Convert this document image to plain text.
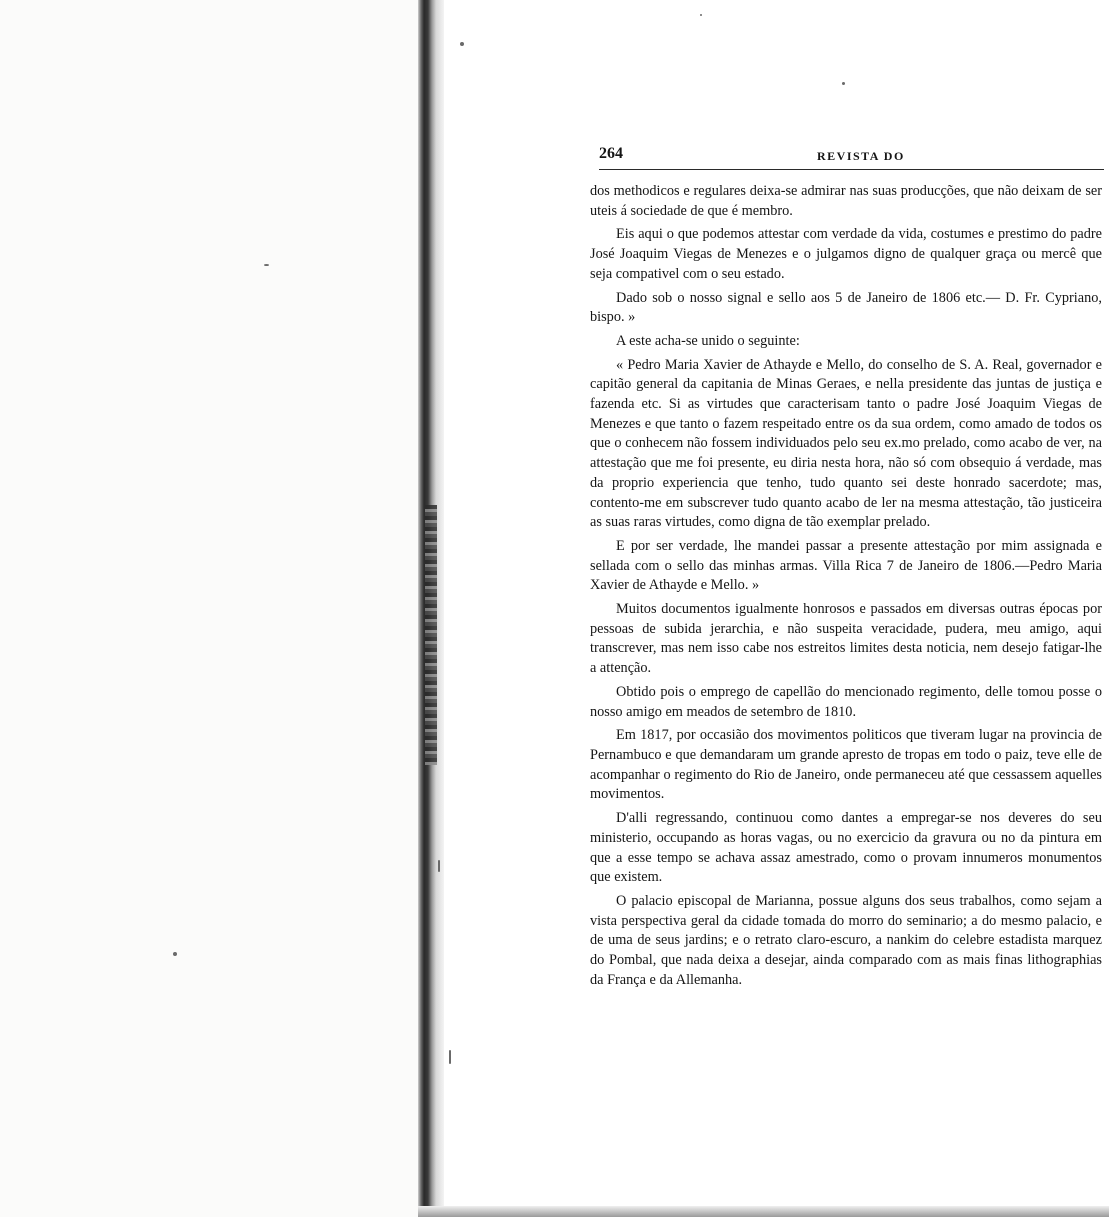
264	REVISTA DO

dos methodicos e regulares deixa-se admirar nas suas producções, que não deixam de ser uteis á sociedade de que é membro.

Eis aqui o que podemos attestar com verdade da vida, costumes e prestimo do padre José Joaquim Viegas de Menezes e o julgamos digno de qualquer graça ou mercê que seja compativel com o seu estado.

Dado sob o nosso signal e sello aos 5 de Janeiro de 1806 etc.— D. Fr. Cypriano, bispo. »

A este acha-se unido o seguinte:

« Pedro Maria Xavier de Athayde e Mello, do conselho de S. A. Real, governador e capitão general da capitania de Minas Geraes, e nella presidente das juntas de justiça e fazenda etc. Si as virtudes que caracterisam tanto o padre José Joaquim Viegas de Menezes e que tanto o fazem respeitado entre os da sua ordem, como amado de todos os que o conhecem não fossem individuados pelo seu ex.mo prelado, como acabo de ver, na attestação que me foi presente, eu diria nesta hora, não só com obsequio á verdade, mas da proprio experiencia que tenho, tudo quanto sei deste honrado sacerdote; mas, contento-me em subscrever tudo quanto acabo de ler na mesma attestação, tão justiceira as suas raras virtudes, como digna de tão exemplar prelado.

E por ser verdade, lhe mandei passar a presente attestação por mim assignada e sellada com o sello das minhas armas. Villa Rica 7 de Janeiro de 1806.—Pedro Maria Xavier de Athayde e Mello. »

Muitos documentos igualmente honrosos e passados em diversas outras épocas por pessoas de subida jerarchia, e não suspeita veracidade, pudera, meu amigo, aqui transcrever, mas nem isso cabe nos estreitos limites desta noticia, nem desejo fatigar-lhe a attenção.

Obtido pois o emprego de capellão do mencionado regimento, delle tomou posse o nosso amigo em meados de setembro de 1810.

Em 1817, por occasião dos movimentos politicos que tiveram lugar na provincia de Pernambuco e que demandaram um grande apresto de tropas em todo o paiz, teve elle de acompanhar o regimento do Rio de Janeiro, onde permaneceu até que cessassem aquelles movimentos.

D'alli regressando, continuou como dantes a empregar-se nos deveres do seu ministerio, occupando as horas vagas, ou no exercicio da gravura ou no da pintura em que a esse tempo se achava assaz amestrado, como o provam innumeros monumentos que existem.

O palacio episcopal de Marianna, possue alguns dos seus trabalhos, como sejam a vista perspectiva geral da cidade tomada do morro do seminario; a do mesmo palacio, e de uma de seus jardins; e o retrato claro-escuro, a nankim do celebre estadista marquez do Pombal, que nada deixa a desejar, ainda comparado com as mais finas lithographias da França e da Allemanha.
